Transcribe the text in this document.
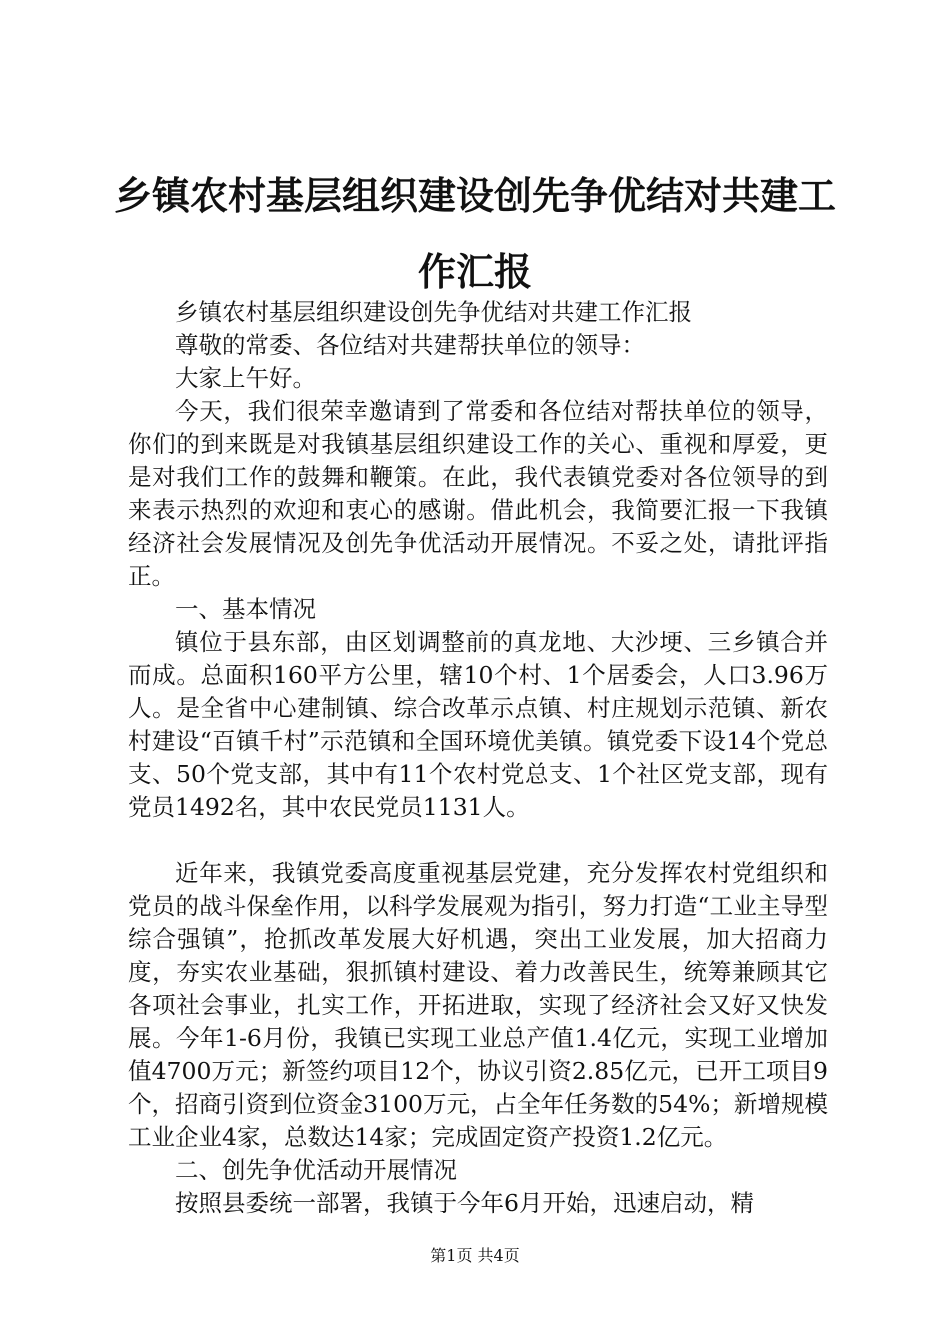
乡镇农村基层组织建设创先争优结对共建工作汇报

乡镇农村基层组织建设创先争优结对共建工作汇报

尊敬的常委、各位结对共建帮扶单位的领导：

大家上午好。

今天，我们很荣幸邀请到了常委和各位结对帮扶单位的领导，你们的到来既是对我镇基层组织建设工作的关心、重视和厚爱，更是对我们工作的鼓舞和鞭策。在此，我代表镇党委对各位领导的到来表示热烈的欢迎和衷心的感谢。借此机会，我简要汇报一下我镇经济社会发展情况及创先争优活动开展情况。不妥之处，请批评指正。

一、基本情况

镇位于县东部，由区划调整前的真龙地、大沙埂、三乡镇合并而成。总面积160平方公里，辖10个村、1个居委会，人口3.96万人。是全省中心建制镇、综合改革示点镇、村庄规划示范镇、新农村建设“百镇千村”示范镇和全国环境优美镇。镇党委下设14个党总支、50个党支部，其中有11个农村党总支、1个社区党支部，现有党员1492名，其中农民党员1131人。

近年来，我镇党委高度重视基层党建，充分发挥农村党组织和党员的战斗保垒作用，以科学发展观为指引，努力打造“工业主导型综合强镇”，抢抓改革发展大好机遇，突出工业发展，加大招商力度，夯实农业基础，狠抓镇村建设、着力改善民生，统筹兼顾其它各项社会事业，扎实工作，开拓进取，实现了经济社会又好又快发展。今年1-6月份，我镇已实现工业总产值1.4亿元，实现工业增加值4700万元；新签约项目12个，协议引资2.85亿元，已开工项目9个，招商引资到位资金3100万元，占全年任务数的54%；新增规模工业企业4家，总数达14家；完成固定资产投资1.2亿元。

二、创先争优活动开展情况

按照县委统一部署，我镇于今年6月开始，迅速启动，精

第1页 共4页
